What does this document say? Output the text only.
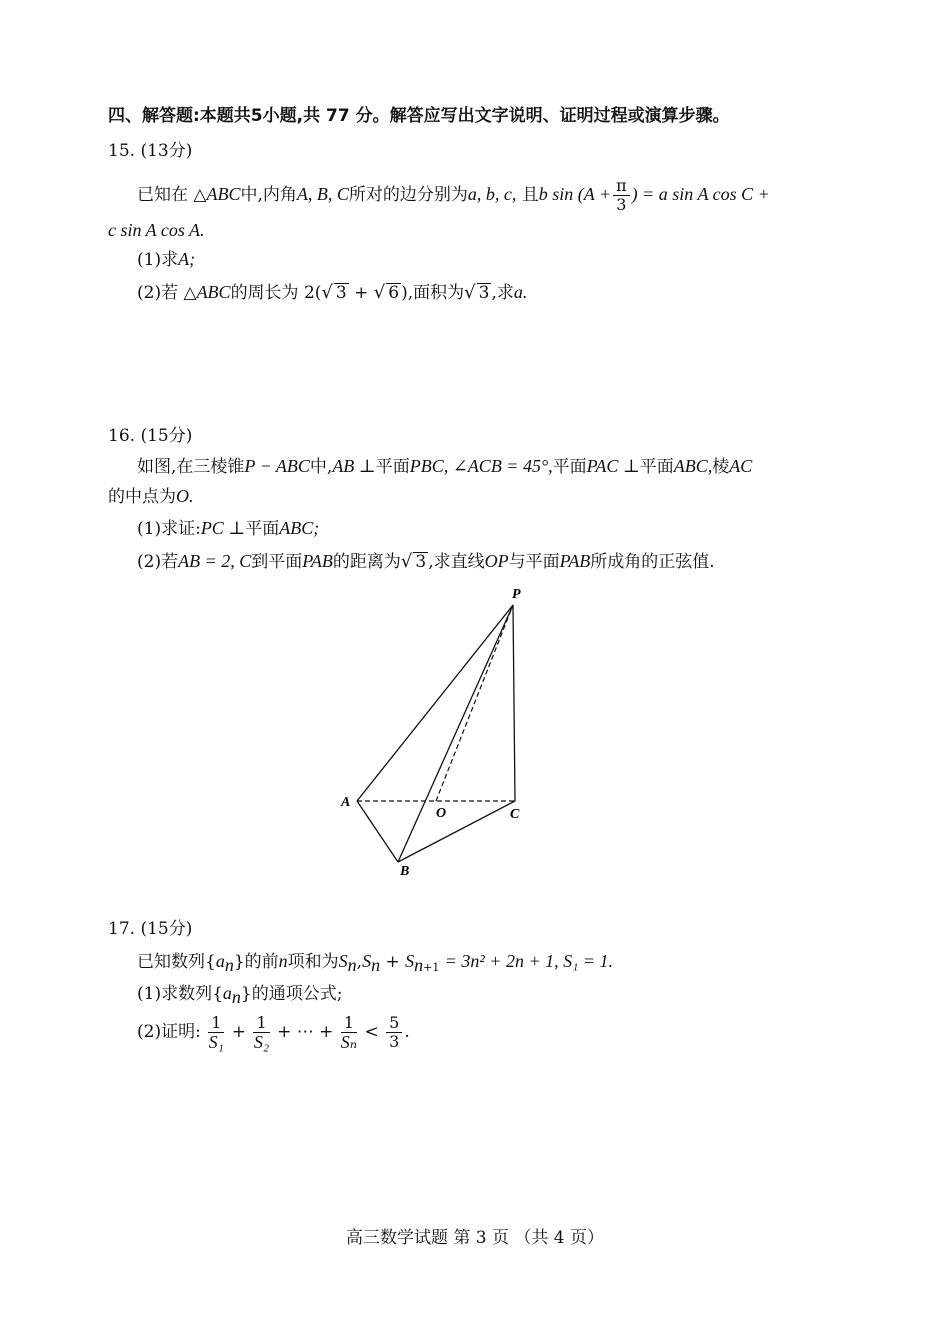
四、解答题:本题共5小题,共 77 分。解答应写出文字说明、证明过程或演算步骤。
15. (13分)
已知在 △ABC中,内角A, B, C所对的边分别为a, b, c, 且b $\sin (A + \frac{\pi}{3}$ ) = a sin A cos C +
c sin A cos A.
(1)求A;
(2)若 △ABC的周长为 2(√ 3 + √ 6 ),面积为√ 3 ,求a.
16. (15分)
如图,在三棱锥P − ABC中,AB ⊥平面PBC, ∠ACB = 45°,平面PAC ⊥平面ABC,棱AC
的中点为O.
(1)求证:PC ⊥平面ABC;
(2)若AB = 2, C到平面PAB的距离为√ 3 ,求直线OP与平面PAB所成角的正弦值.
P
A
O	C
B
17. (15分)
已知数列$\{a_n\}$的前n项和为$S_n,S_n + S_{n+1} = 3n^2 + 2n + 1$, S₁ = 1.
(1)求数列$\{a_n\}$的通项公式;
(2)证明: $\frac{1}{\text{S₁}} + \frac{1}{\text{S₂}}$ + ⋯ + $\frac{1}{\text{Sₙ}} < \frac{5}{3}$ .
高三数学试题 第 3 页 （共 4 页）
